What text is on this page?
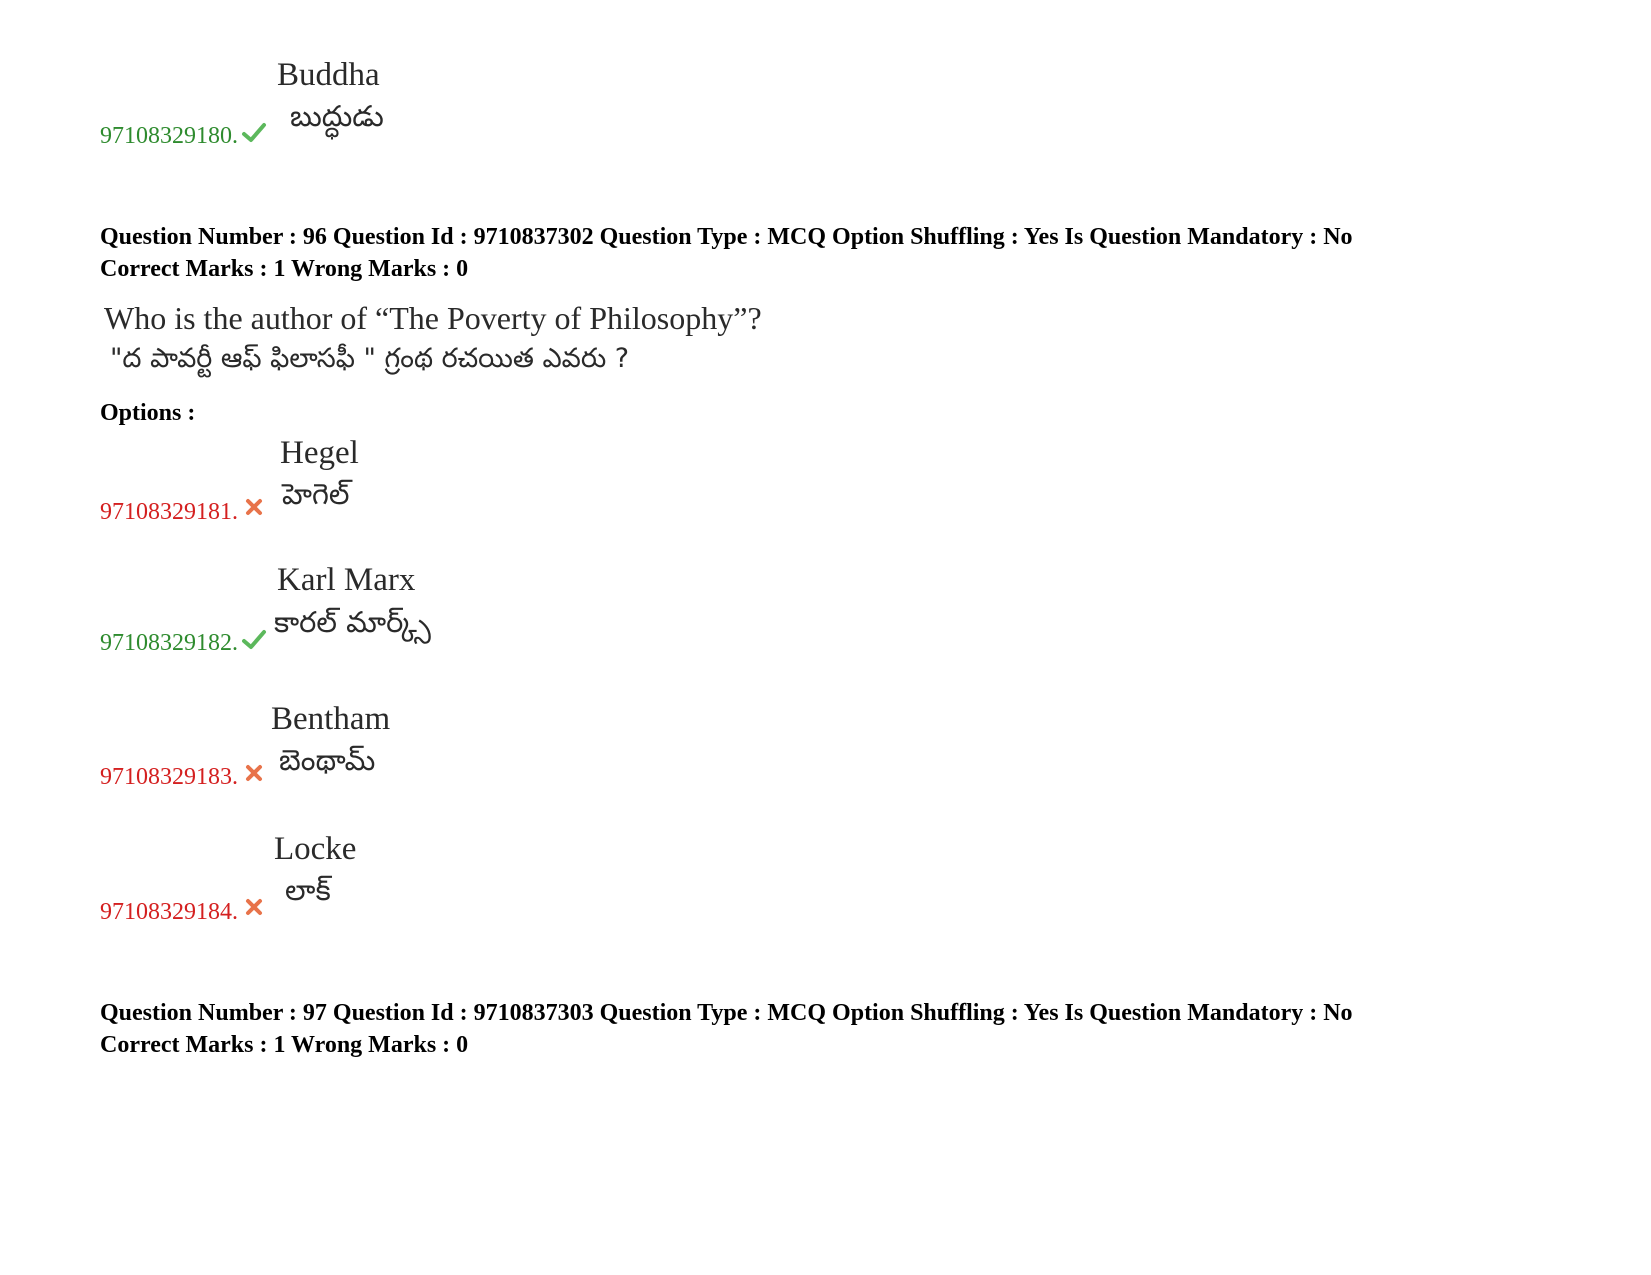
97108329180.
Buddha
బుద్ధుడు
Question Number : 96 Question Id : 9710837302 Question Type : MCQ Option Shuffling : Yes Is Question Mandatory : No
Correct Marks : 1 Wrong Marks : 0
Who is the author of “The Poverty of Philosophy”?
"ద పావర్టీ ఆఫ్ ఫిలాసఫీ " గ్రంథ రచయిత ఎవరు ?
Options :
97108329181.
Hegel
హెగెల్
97108329182.
Karl Marx
కారల్ మార్క్స్
97108329183.
Bentham
బెంథామ్
97108329184.
Locke
లాక్
Question Number : 97 Question Id : 9710837303 Question Type : MCQ Option Shuffling : Yes Is Question Mandatory : No
Correct Marks : 1 Wrong Marks : 0
